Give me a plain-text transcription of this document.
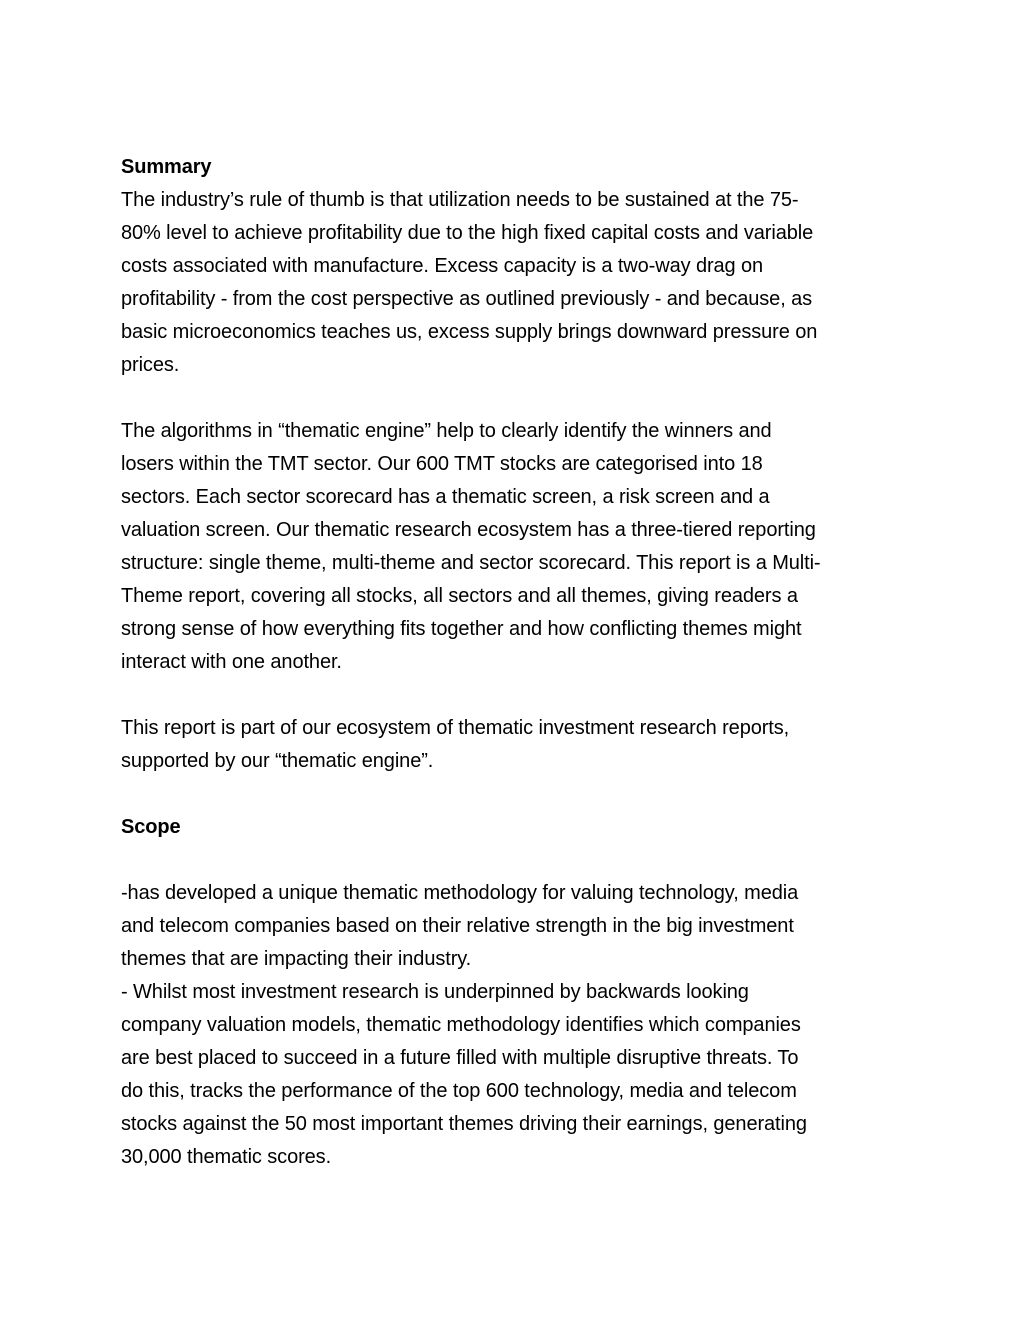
Summary
The industry’s rule of thumb is that utilization needs to be sustained at the 75-
80% level to achieve profitability due to the high fixed capital costs and variable
costs associated with manufacture. Excess capacity is a two-way drag on
profitability - from the cost perspective as outlined previously - and because, as
basic microeconomics teaches us, excess supply brings downward pressure on
prices.
The algorithms in “thematic engine” help to clearly identify the winners and
losers within the TMT sector. Our 600 TMT stocks are categorised into 18
sectors. Each sector scorecard has a thematic screen, a risk screen and a
valuation screen. Our thematic research ecosystem has a three-tiered reporting
structure: single theme, multi-theme and sector scorecard. This report is a Multi-
Theme report, covering all stocks, all sectors and all themes, giving readers a
strong sense of how everything fits together and how conflicting themes might
interact with one another.
This report is part of our ecosystem of thematic investment research reports,
supported by our “thematic engine”.
Scope
-has developed a unique thematic methodology for valuing technology, media
and telecom companies based on their relative strength in the big investment
themes that are impacting their industry.
- Whilst most investment research is underpinned by backwards looking
company valuation models, thematic methodology identifies which companies
are best placed to succeed in a future filled with multiple disruptive threats. To
do this, tracks the performance of the top 600 technology, media and telecom
stocks against the 50 most important themes driving their earnings, generating
30,000 thematic scores.
